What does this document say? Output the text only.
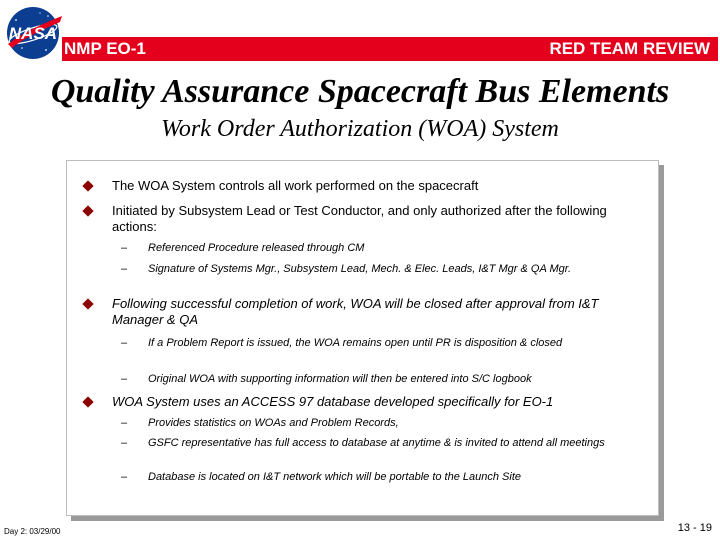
NASA
NMP EO-1	RED TEAM REVIEW
Quality Assurance Spacecraft Bus Elements
Work Order Authorization (WOA) System
The WOA System controls all work performed on the spacecraft
Initiated by Subsystem Lead or Test Conductor, and only authorized after the following actions:
– Referenced Procedure released through CM
– Signature of Systems Mgr., Subsystem Lead, Mech. & Elec. Leads, I&T Mgr & QA Mgr.
Following successful completion of work, WOA will be closed after approval from I&T Manager & QA
– If a Problem Report is issued, the WOA remains open until PR is disposition & closed
– Original WOA with supporting information will then be entered into S/C logbook
WOA System uses an ACCESS 97 database developed specifically for EO-1
– Provides statistics on WOAs and Problem Records,
– GSFC representative has full access to database at anytime & is invited to attend all meetings
– Database is located on I&T network which will be portable to the Launch Site
Day 2: 03/29/00	13 - 19
